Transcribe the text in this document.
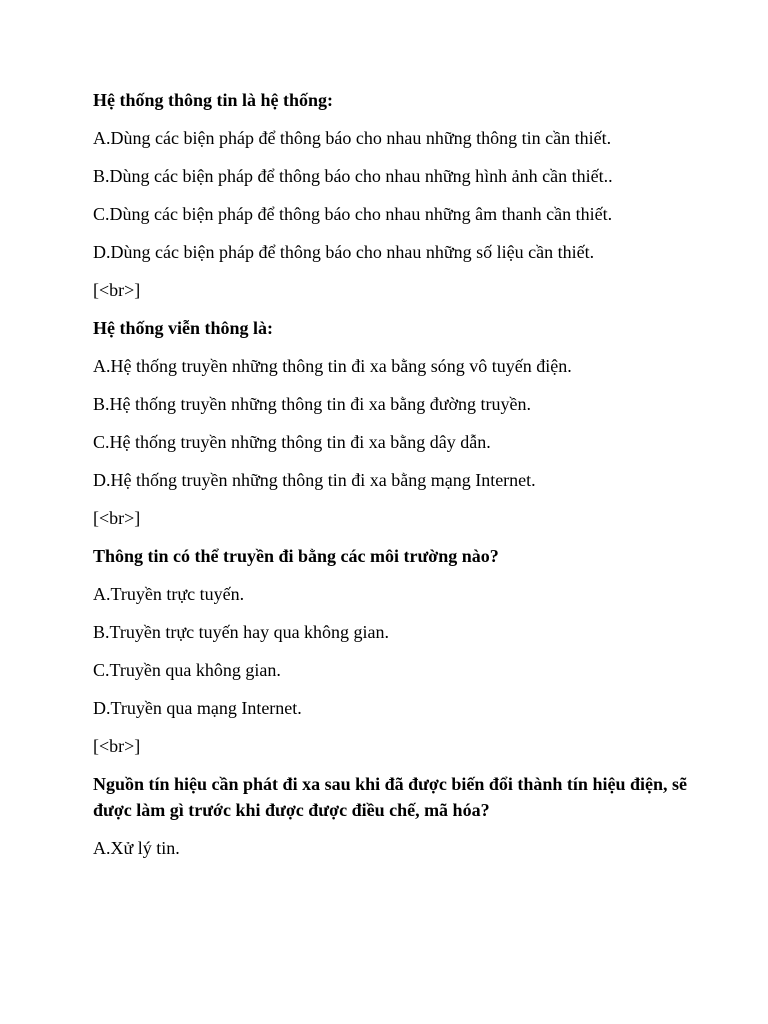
Hệ thống thông tin là hệ thống:

A.Dùng các biện pháp để thông báo cho nhau những thông tin cần thiết.

B.Dùng các biện pháp để thông báo cho nhau những hình ảnh cần thiết..

C.Dùng các biện pháp để thông báo cho nhau những âm thanh cần thiết.

D.Dùng các biện pháp để thông báo cho nhau những số liệu cần thiết.

[<br>]

Hệ thống viễn thông là:

A.Hệ thống truyền những thông tin đi xa bằng sóng vô tuyến điện.

B.Hệ thống truyền những thông tin đi xa bằng đường truyền.

C.Hệ thống truyền những thông tin đi xa bằng dây dẫn.

D.Hệ thống truyền những thông tin đi xa bằng mạng Internet.

[<br>]

Thông tin có thể truyền đi bằng các môi trường nào?

A.Truyền trực tuyến.

B.Truyền trực tuyến hay qua không gian.

C.Truyền qua không gian.

D.Truyền qua mạng Internet.

[<br>]

Nguồn tín hiệu cần phát đi xa sau khi đã được biến đổi thành tín hiệu điện, sẽ được làm gì trước khi được được điều chế, mã hóa?

A.Xử lý tin.
